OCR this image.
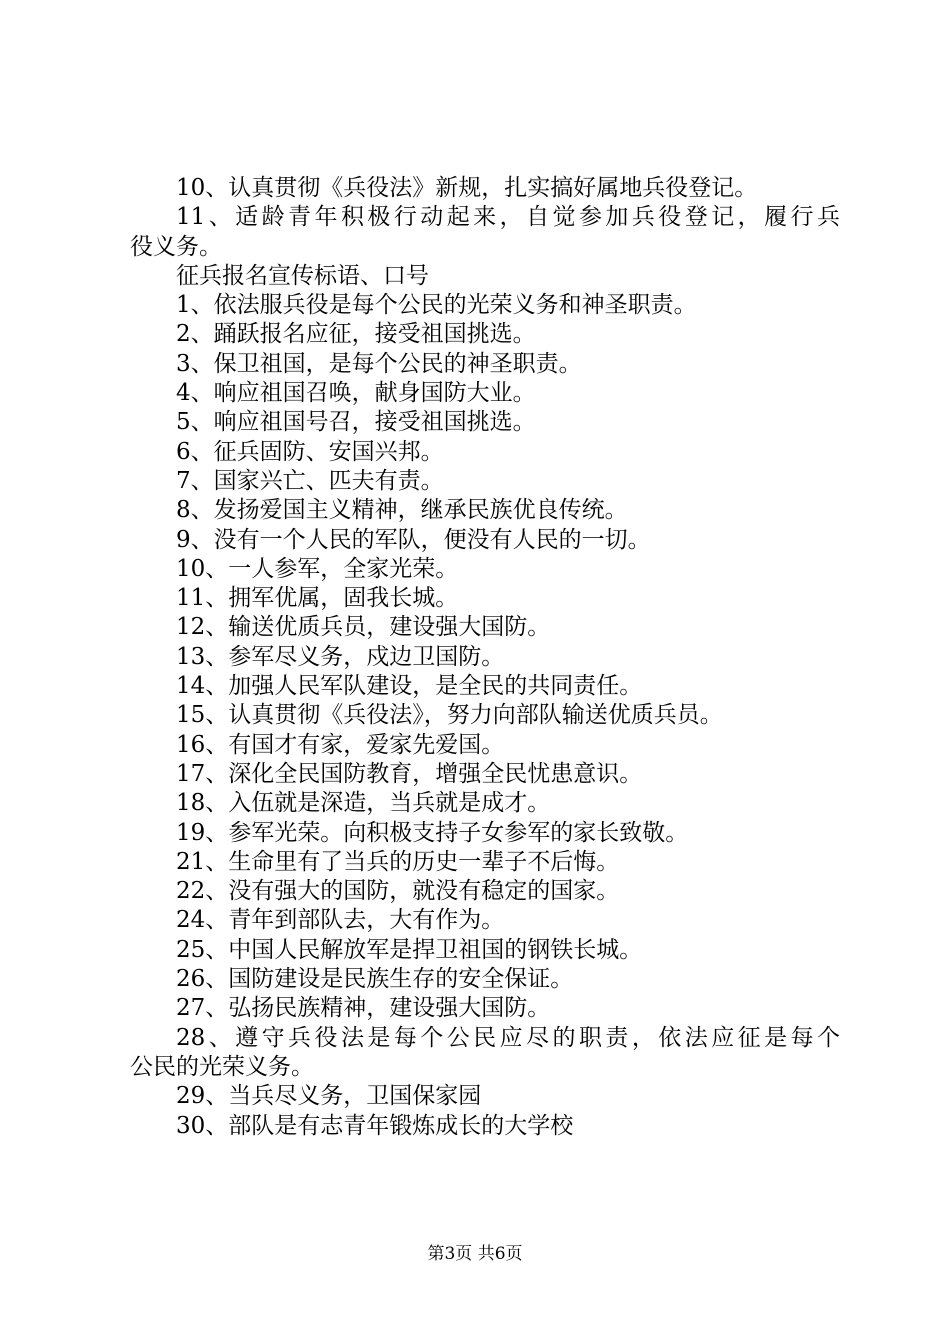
10、认真贯彻《兵役法》新规，扎实搞好属地兵役登记。
11、适龄青年积极行动起来，自觉参加兵役登记，履行兵
役义务。
征兵报名宣传标语、口号
1、依法服兵役是每个公民的光荣义务和神圣职责。
2、踊跃报名应征，接受祖国挑选。
3、保卫祖国，是每个公民的神圣职责。
4、响应祖国召唤，献身国防大业。
5、响应祖国号召，接受祖国挑选。
6、征兵固防、安国兴邦。
7、国家兴亡、匹夫有责。
8、发扬爱国主义精神，继承民族优良传统。
9、没有一个人民的军队，便没有人民的一切。
10、一人参军，全家光荣。
11、拥军优属，固我长城。
12、输送优质兵员，建设强大国防。
13、参军尽义务，戍边卫国防。
14、加强人民军队建设，是全民的共同责任。
15、认真贯彻《兵役法》，努力向部队输送优质兵员。
16、有国才有家，爱家先爱国。
17、深化全民国防教育，增强全民忧患意识。
18、入伍就是深造，当兵就是成才。
19、参军光荣。向积极支持子女参军的家长致敬。
21、生命里有了当兵的历史一辈子不后悔。
22、没有强大的国防，就没有稳定的国家。
24、青年到部队去，大有作为。
25、中国人民解放军是捍卫祖国的钢铁长城。
26、国防建设是民族生存的安全保证。
27、弘扬民族精神，建设强大国防。
28、遵守兵役法是每个公民应尽的职责，依法应征是每个
公民的光荣义务。
29、当兵尽义务，卫国保家园
30、部队是有志青年锻炼成长的大学校
第3页 共6页
